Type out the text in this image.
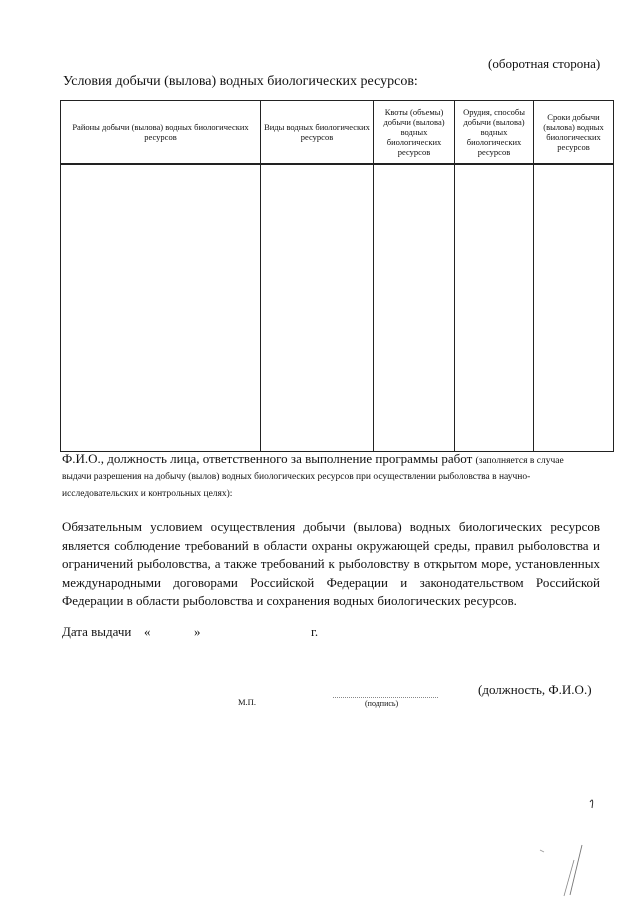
(оборотная сторона)
Условия добычи (вылова) водных биологических ресурсов:
Районы добычи (вылова) водных биологических ресурсов	Виды водных биологических ресурсов	Квоты (объемы) добычи (вылова) водных биологических ресурсов	Орудия, способы добычи (вылова) водных биологических ресурсов	Сроки добычи (вылова) водных биологических ресурсов

Ф.И.О., должность лица, ответственного за выполнение программы работ (заполняется в случае
выдачи разрешения на добычу (вылов) водных биологических ресурсов при осуществлении рыболовства в научно-
исследовательских и контрольных целях):
Обязательным условием осуществления добычи (вылова) водных биологических ресурсов является соблюдение требований в области охраны окружающей среды, правил рыболовства и ограничений рыболовства, а также требований к рыболовству в открытом море, установленных международными договорами Российской Федерации и законодательством Российской Федерации в области рыболовства и сохранения водных биологических ресурсов.
Дата выдачи «	»	г.
(должность, Ф.И.О.)
М.П.	(подпись)
